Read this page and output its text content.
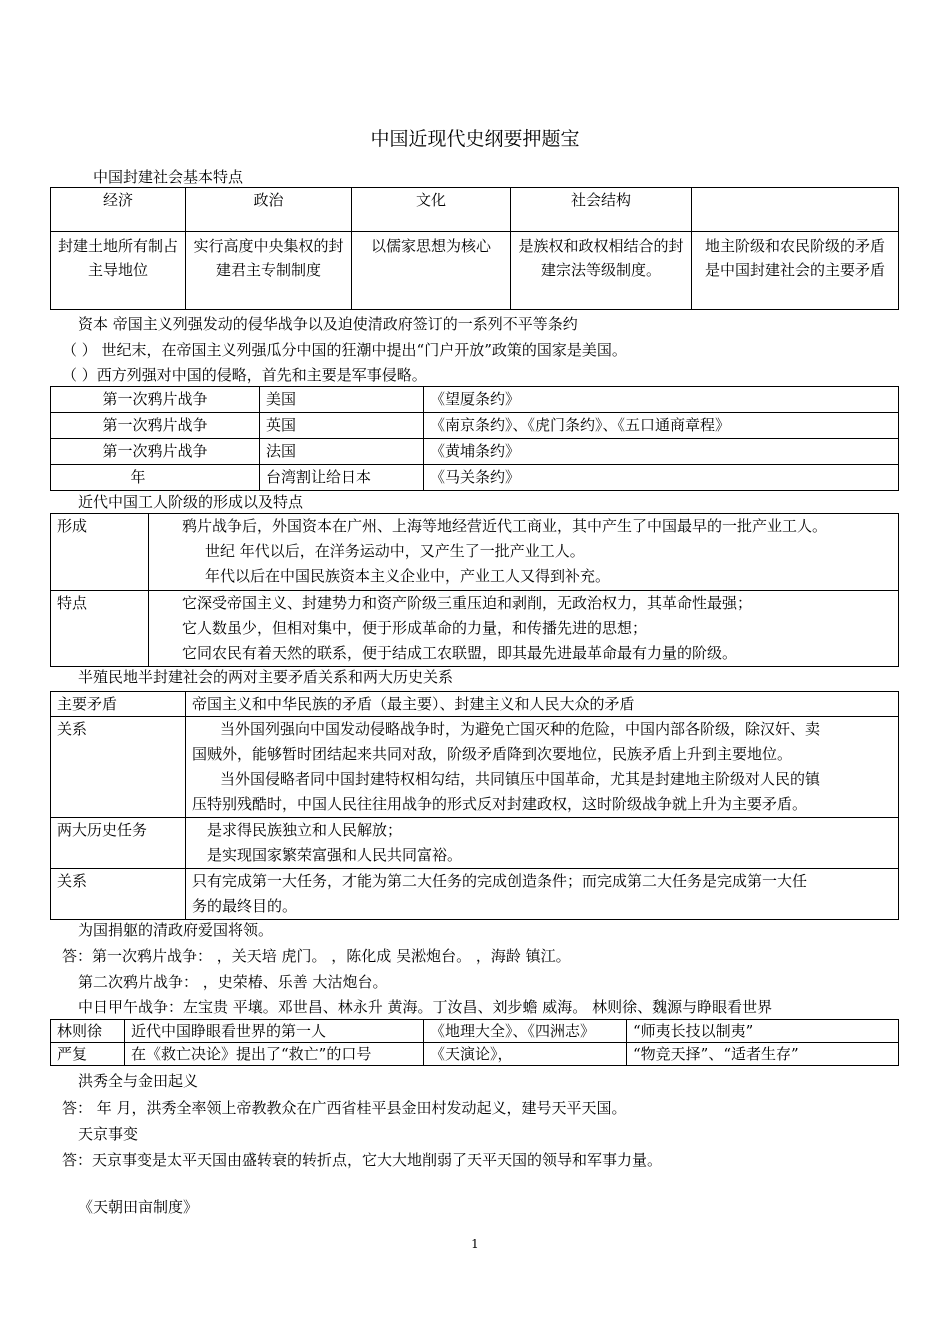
中国近现代史纲要押题宝
中国封建社会基本特点
经济	政治	文化	社会结构	
封建土地所有制占主导地位	实行高度中央集权的封建君主专制制度	以儒家思想为核心	是族权和政权相结合的封建宗法等级制度。	地主阶级和农民阶级的矛盾是中国封建社会的主要矛盾
资本 帝国主义列强发动的侵华战争以及迫使清政府签订的一系列不平等条约
（ ） 世纪末，在帝国主义列强瓜分中国的狂潮中提出“门户开放”政策的国家是美国。
（ ）西方列强对中国的侵略，首先和主要是军事侵略。
第一次鸦片战争	美国	《望厦条约》
第一次鸦片战争	英国	《南京条约》、《虎门条约》、《五口通商章程》
第一次鸦片战争	法国	《黄埔条约》
年	台湾割让给日本	《马关条约》
近代中国工人阶级的形成以及特点
形成	鸦片战争后，外国资本在广州、上海等地经营近代工商业，其中产生了中国最早的一批产业工人。
世纪 年代以后，在洋务运动中，又产生了一批产业工人。
年代以后在中国民族资本主义企业中，产业工人又得到补充。

特点	它深受帝国主义、封建势力和资产阶级三重压迫和剥削，无政治权力，其革命性最强；
它人数虽少，但相对集中，便于形成革命的力量，和传播先进的思想；
它同农民有着天然的联系，便于结成工农联盟，即其最先进最革命最有力量的阶级。
半殖民地半封建社会的两对主要矛盾关系和两大历史关系
主要矛盾	帝国主义和中华民族的矛盾（最主要）、封建主义和人民大众的矛盾
关系	当外国列强向中国发动侵略战争时，为避免亡国灭种的危险，中国内部各阶级，除汉奸、卖
国贼外，能够暂时团结起来共同对敌，阶级矛盾降到次要地位，民族矛盾上升到主要地位。
当外国侵略者同中国封建特权相勾结，共同镇压中国革命，尤其是封建地主阶级对人民的镇
压特别残酷时，中国人民往往用战争的形式反对封建政权，这时阶级战争就上升为主要矛盾。

两大历史任务	是求得民族独立和人民解放；
是实现国家繁荣富强和人民共同富裕。

关系	只有完成第一大任务，才能为第二大任务的完成创造条件；而完成第二大任务是完成第一大任
务的最终目的。
为国捐躯的清政府爱国将领。
答：第一次鸦片战争： ，关天培 虎门。 ，陈化成 吴淞炮台。 ，海龄 镇江。
第二次鸦片战争： ，史荣椿、乐善 大沽炮台。
中日甲午战争：左宝贵 平壤。邓世昌、林永升 黄海。丁汝昌、刘步蟾 威海。 林则徐、魏源与睁眼看世界
林则徐	近代中国睁眼看世界的第一人	《地理大全》、《四洲志》	“师夷长技以制夷”
严复	在《救亡决论》提出了“救亡”的口号	《天演论》，	“物竞天择”、“适者生存”
洪秀全与金田起义
答： 年 月，洪秀全率领上帝教教众在广西省桂平县金田村发动起义，建号天平天国。
天京事变
答：天京事变是太平天国由盛转衰的转折点，它大大地削弱了天平天国的领导和军事力量。
《天朝田亩制度》
1
